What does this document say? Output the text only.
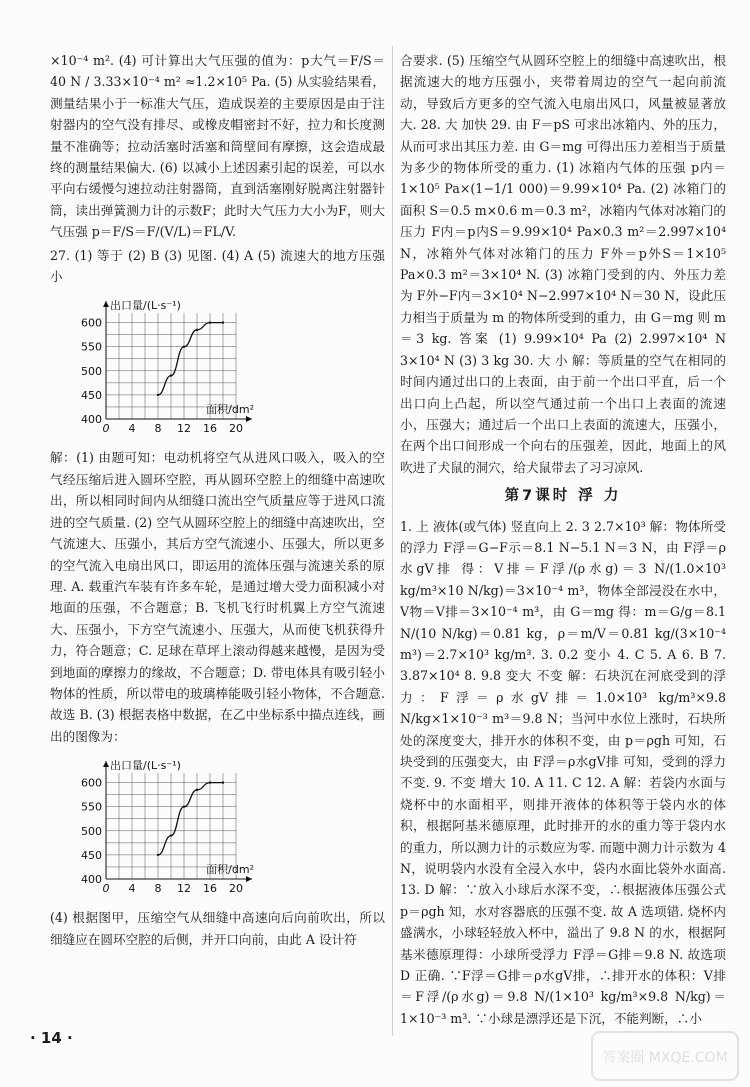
×10⁻⁴ m². (4) 可计算出大气压强的值为：p大气＝F/S＝ 40 N / 3.33×10⁻⁴ m² ≈1.2×10⁵ Pa. (5) 从实验结果看，测量结果小于一标准大气压，造成误差的主要原因是由于注射器内的空气没有排尽、或橡皮帽密封不好，拉力和长度测量不准确等；拉动活塞时活塞和筒壁间有摩擦，这会造成最终的测量结果偏大. (6) 以减小上述因素引起的误差，可以水平向右缓慢匀速拉动注射器筒，直到活塞刚好脱离注射器针筒，读出弹簧测力计的示数F；此时大气压力大小为F，则大气压强 p＝F/S＝F/(V/L)＝FL/V.

27. (1) 等于 (2) B (3) 见图. (4) A (5) 流速大的地方压强小

0 4 8 12 16 20
400
450
500
550
600
出口量/(L·s⁻¹)
面积/dm²

解：(1) 由题可知：电动机将空气从进风口吸入，吸入的空气经压缩后进入圆环空腔，再从圆环空腔上的细缝中高速吹出，所以相同时间内从细缝口流出空气质量应等于进风口流进的空气质量. (2) 空气从圆环空腔上的细缝中高速吹出，空气流速大、压强小，其后方空气流速小、压强大，所以更多的空气流入电扇出风口，即运用的流体压强与流速关系的原理. A. 载重汽车装有许多车轮，是通过增大受力面积减小对地面的压强，不合题意；B. 飞机飞行时机翼上方空气流速大、压强小，下方空气流速小、压强大，从而使飞机获得升力，符合题意；C. 足球在草坪上滚动得越来越慢，是因为受到地面的摩擦力的缘故，不合题意；D. 带电体具有吸引轻小物体的性质，所以带电的玻璃棒能吸引轻小物体，不合题意. 故选 B. (3) 根据表格中数据，在乙中坐标系中描点连线，画出的图像为：

0 4 8 12 16 20
400
450
500
550
600
出口量/(L·s⁻¹)
面积/dm²

(4) 根据图甲，压缩空气从细缝中高速向后向前吹出，所以细缝应在圆环空腔的后侧，并开口向前，由此 A 设计符

合要求. (5) 压缩空气从圆环空腔上的细缝中高速吹出，根据流速大的地方压强小，夹带着周边的空气一起向前流动，导致后方更多的空气流入电扇出风口，风量被显著放大. 28. 大 加快 29. 由 F＝pS 可求出冰箱内、外的压力，从而可求出其压力差. 由 G＝mg 可得出压力差相当于质量为多少的物体所受的重力. (1) 冰箱内气体的压强 p内＝1×10⁵ Pa×(1−1/1 000)＝9.99×10⁴ Pa. (2) 冰箱门的面积 S＝0.5 m×0.6 m＝0.3 m²，冰箱内气体对冰箱门的压力 F内＝p内S＝9.99×10⁴ Pa×0.3 m²＝2.997×10⁴ N，冰箱外气体对冰箱门的压力 F外＝p外S＝1×10⁵ Pa×0.3 m²＝3×10⁴ N. (3) 冰箱门受到的内、外压力差为 F外−F内＝3×10⁴ N−2.997×10⁴ N＝30 N，设此压力相当于质量为 m 的物体所受到的重力，由 G＝mg 则 m＝3 kg. 答案 (1) 9.99×10⁴ Pa (2) 2.997×10⁴ N 3×10⁴ N (3) 3 kg 30. 大 小 解：等质量的空气在相同的时间内通过出口的上表面，由于前一个出口平直，后一个出口向上凸起，所以空气通过前一个出口上表面的流速小，压强大；通过后一个出口上表面的流速大，压强小，在两个出口间形成一个向右的压强差，因此，地面上的风吹进了犬鼠的洞穴，给犬鼠带去了习习凉风.

第7课时 浮 力

1. 上 液体(或气体) 竖直向上 2. 3 2.7×10³ 解：物体所受的浮力 F浮＝G−F示＝8.1 N−5.1 N＝3 N，由 F浮＝ρ水gV排 得：V排＝F浮/(ρ水g)＝3 N/(1.0×10³ kg/m³×10 N/kg)＝3×10⁻⁴ m³，物体全部浸没在水中，V物＝V排＝3×10⁻⁴ m³，由 G＝mg 得：m＝G/g＝8.1 N/(10 N/kg)＝0.81 kg，ρ＝m/V＝0.81 kg/(3×10⁻⁴ m³)＝2.7×10³ kg/m³. 3. 0.2 变小 4. C 5. A 6. B 7. 3.87×10⁴ 8. 9.8 变大 不变 解：石块沉在河底受到的浮力：F浮＝ρ水gV排＝1.0×10³ kg/m³×9.8 N/kg×1×10⁻³ m³＝9.8 N；当河中水位上涨时，石块所处的深度变大，排开水的体积不变，由 p＝ρgh 可知，石块受到的压强变大，由 F浮＝ρ水gV排 可知，受到的浮力不变. 9. 不变 增大 10. A 11. C 12. A 解：若袋内水面与烧杯中的水面相平，则排开液体的体积等于袋内水的体积，根据阿基米德原理，此时排开的水的重力等于袋内水的重力，所以测力计的示数应为零. 而题中测力计示数为 4 N，说明袋内水没有全浸入水中，袋内水面比袋外水面高. 13. D 解：∵放入小球后水深不变，∴根据液体压强公式 p＝ρgh 知，水对容器底的压强不变. 故 A 选项错. 烧杯内盛满水，小球轻轻放入杯中，溢出了 9.8 N 的水，根据阿基米德原理得：小球所受浮力 F浮＝G排＝9.8 N. 故选项 D 正确. ∵F浮＝G排＝ρ水gV排，∴排开水的体积：V排＝F浮/(ρ水g)＝9.8 N/(1×10³ kg/m³×9.8 N/kg)＝1×10⁻³ m³. ∵小球是漂浮还是下沉，不能判断，∴小

· 14 ·
答案圈 MXQE.COM
